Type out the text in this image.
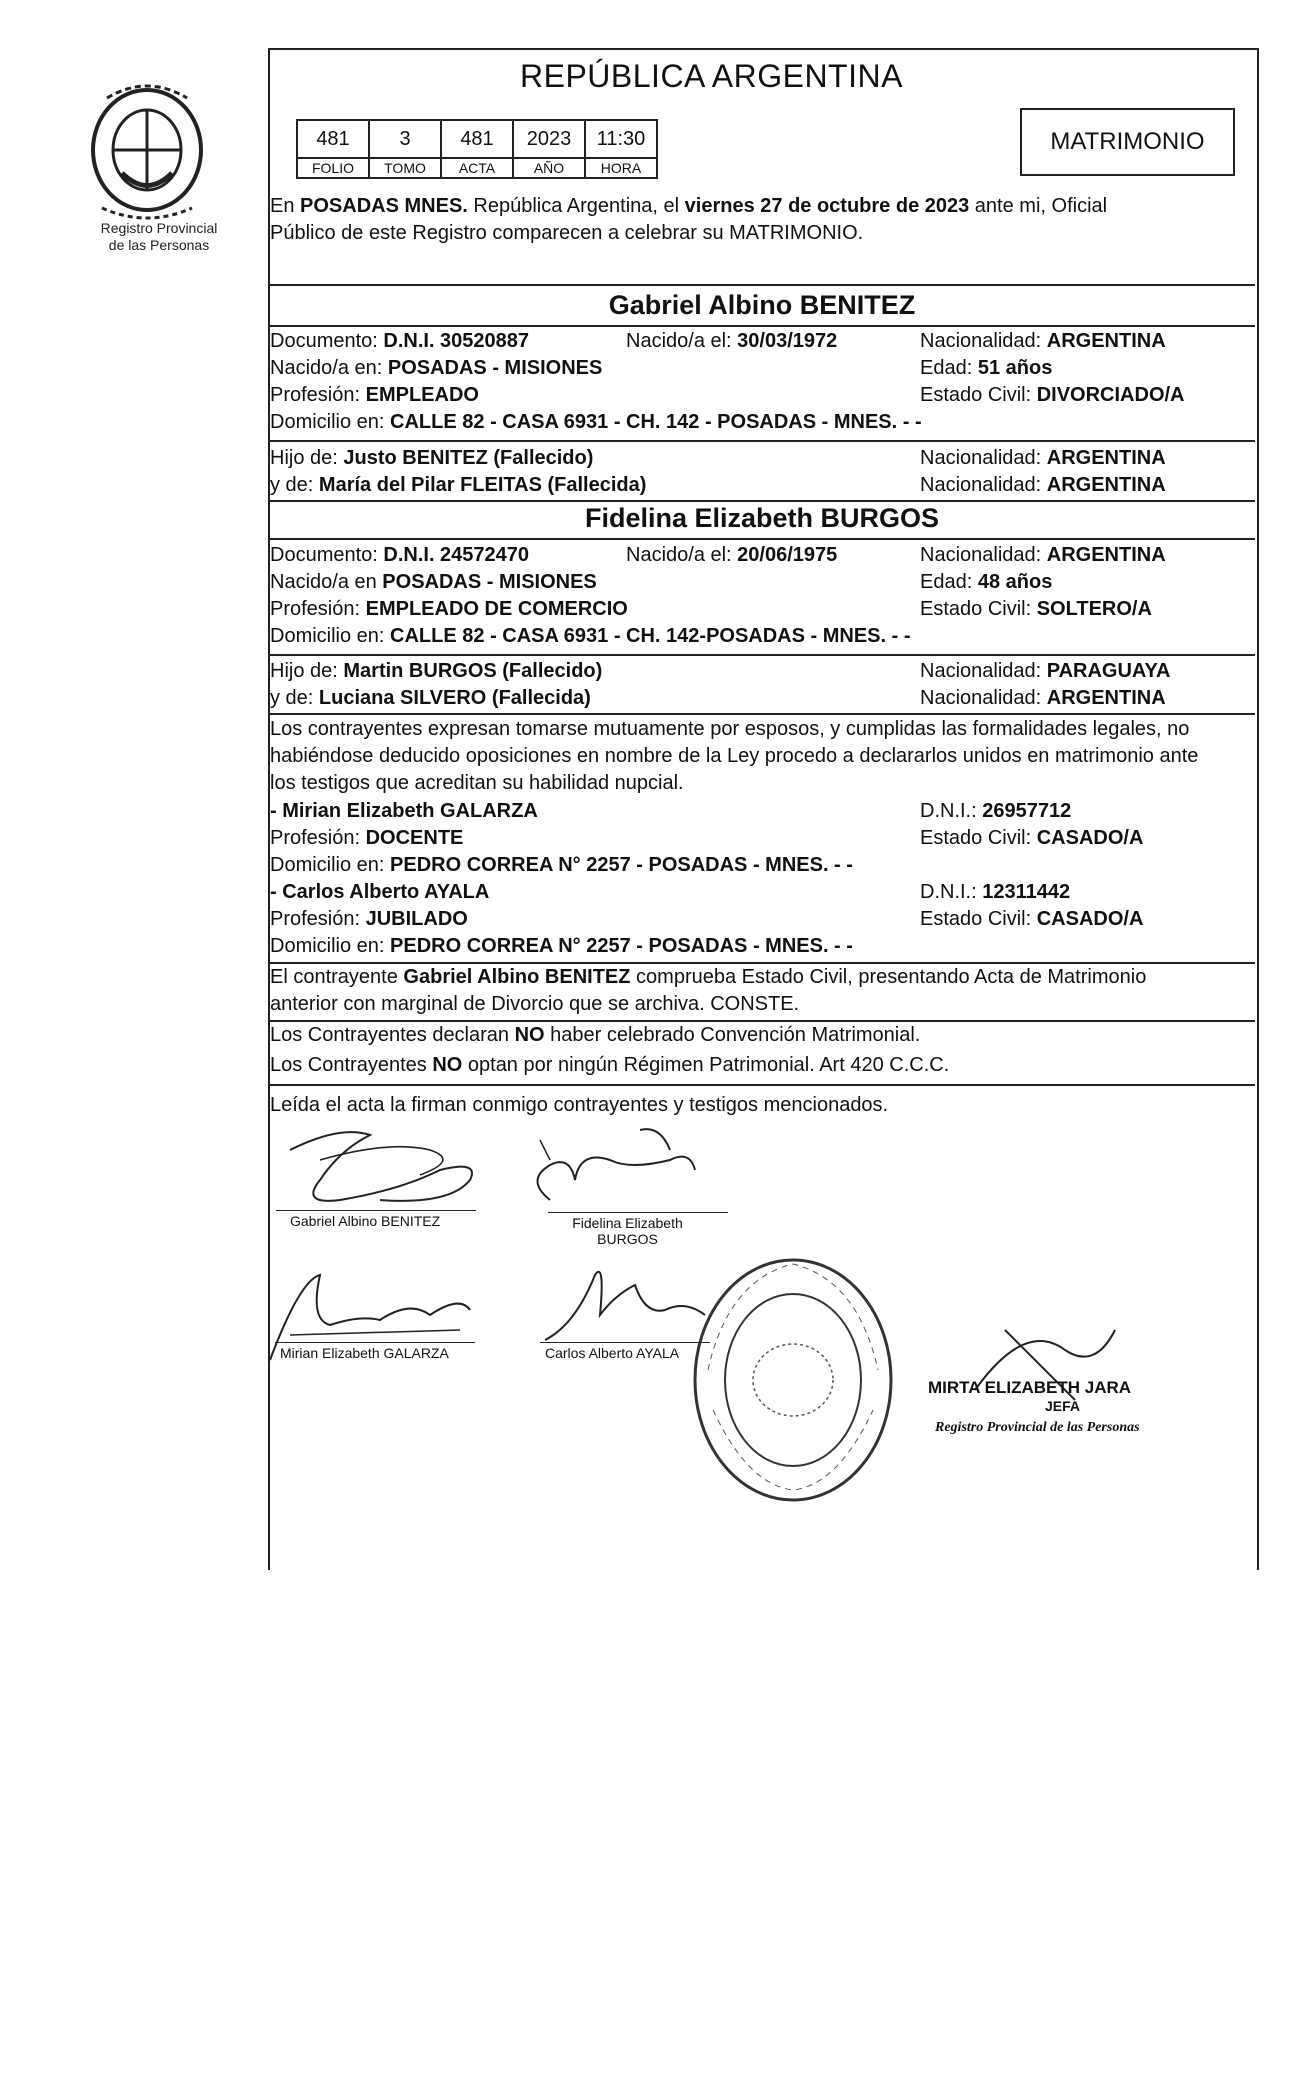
Registro Provincial
de las Personas
REPÚBLICA ARGENTINA
481	3	481	2023	11:30
FOLIO	TOMO	ACTA	AÑO	HORA
MATRIMONIO
En POSADAS MNES. República Argentina, el viernes 27 de octubre de 2023 ante mi, Oficial
Público de este Registro comparecen a celebrar su MATRIMONIO.
Gabriel Albino BENITEZ
Documento: D.N.I. 30520887	Nacido/a el: 30/03/1972	Nacionalidad: ARGENTINA
Nacido/a en: POSADAS - MISIONES	Edad: 51 años
Profesión: EMPLEADO	Estado Civil: DIVORCIADO/A
Domicilio en: CALLE 82 - CASA 6931 - CH. 142 - POSADAS - MNES. - -
Hijo de: Justo BENITEZ (Fallecido)	Nacionalidad: ARGENTINA
y de: María del Pilar FLEITAS (Fallecida)	Nacionalidad: ARGENTINA
Fidelina Elizabeth BURGOS
Documento: D.N.I. 24572470	Nacido/a el: 20/06/1975	Nacionalidad: ARGENTINA
Nacido/a en POSADAS - MISIONES	Edad: 48 años
Profesión: EMPLEADO DE COMERCIO	Estado Civil: SOLTERO/A
Domicilio en: CALLE 82 - CASA 6931 - CH. 142-POSADAS - MNES. - -
Hijo de: Martin BURGOS (Fallecido)	Nacionalidad: PARAGUAYA
y de: Luciana SILVERO (Fallecida)	Nacionalidad: ARGENTINA
Los contrayentes expresan tomarse mutuamente por esposos, y cumplidas las formalidades legales, no
habiéndose deducido oposiciones en nombre de la Ley procedo a declararlos unidos en matrimonio ante
los testigos que acreditan su habilidad nupcial.
- Mirian Elizabeth GALARZA	D.N.I.: 26957712
Profesión: DOCENTE	Estado Civil: CASADO/A
Domicilio en: PEDRO CORREA N° 2257 - POSADAS - MNES. - -
- Carlos Alberto AYALA	D.N.I.: 12311442
Profesión: JUBILADO	Estado Civil: CASADO/A
Domicilio en: PEDRO CORREA N° 2257 - POSADAS - MNES. - -
El contrayente Gabriel Albino BENITEZ comprueba Estado Civil, presentando Acta de Matrimonio
anterior con marginal de Divorcio que se archiva. CONSTE.
Los Contrayentes declaran NO haber celebrado Convención Matrimonial.
Los Contrayentes NO optan por ningún Régimen Patrimonial. Art 420 C.C.C.
Leída el acta la firman conmigo contrayentes y testigos mencionados.
Gabriel Albino BENITEZ	Fidelina Elizabeth
BURGOS
Mirian Elizabeth GALARZA	Carlos Alberto AYALA
MIRTA ELIZABETH JARA
JEFA
Registro Provincial de las Personas
